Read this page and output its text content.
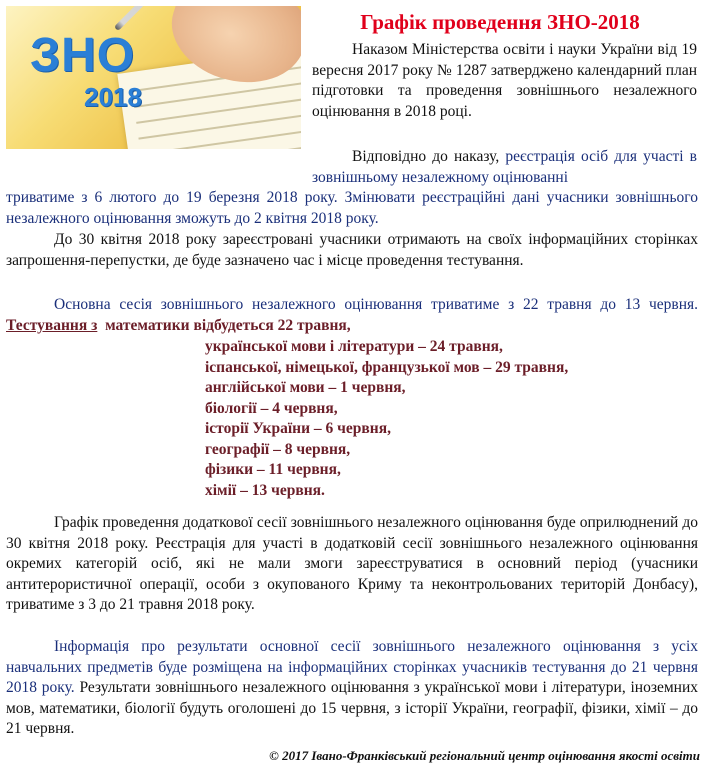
ЗНО
2018
Графік проведення ЗНО-2018

Наказом Міністерства освіти і науки України від 19 вересня 2017 року № 1287 затверджено календарний план підготовки та проведення зовнішнього незалежного оцінювання в 2018 році.

Відповідно до наказу, реєстрація осіб для участі в зовнішньому незалежному оцінюванні

триватиме з 6 лютого до 19 березня 2018 року. Змінювати реєстраційні дані учасники зовнішнього незалежного оцінювання зможуть до 2 квітня 2018 року.

До 30 квітня 2018 року зареєстровані учасники отримають на своїх інформаційних сторінках запрошення-перепустки, де буде зазначено час і місце проведення тестування.

Основна сесія зовнішнього незалежного оцінювання триватиме з 22 травня до 13 червня. Тестування з математики відбудеться 22 травня,

української мови і літератури – 24 травня,
іспанської, німецької, французької мов – 29 травня,
англійської мови – 1 червня,
біології – 4 червня,
історії України – 6 червня,
географії – 8 червня,
фізики – 11 червня,
хімії – 13 червня.

Графік проведення додаткової сесії зовнішнього незалежного оцінювання буде оприлюднений до 30 квітня 2018 року. Реєстрація для участі в додатковій сесії зовнішнього незалежного оцінювання окремих категорій осіб, які не мали змоги зареєструватися в основний період (учасники антитерористичної операції, особи з окупованого Криму та неконтрольованих територій Донбасу), триватиме з 3 до 21 травня 2018 року.

Інформація про результати основної сесії зовнішнього незалежного оцінювання з усіх навчальних предметів буде розміщена на інформаційних сторінках учасників тестування до 21 червня 2018 року. Результати зовнішнього незалежного оцінювання з української мови і літератури, іноземних мов, математики, біології будуть оголошені до 15 червня, з історії України, географії, фізики, хімії – до 21 червня.

© 2017 Івано-Франківський регіональний центр оцінювання якості освіти
